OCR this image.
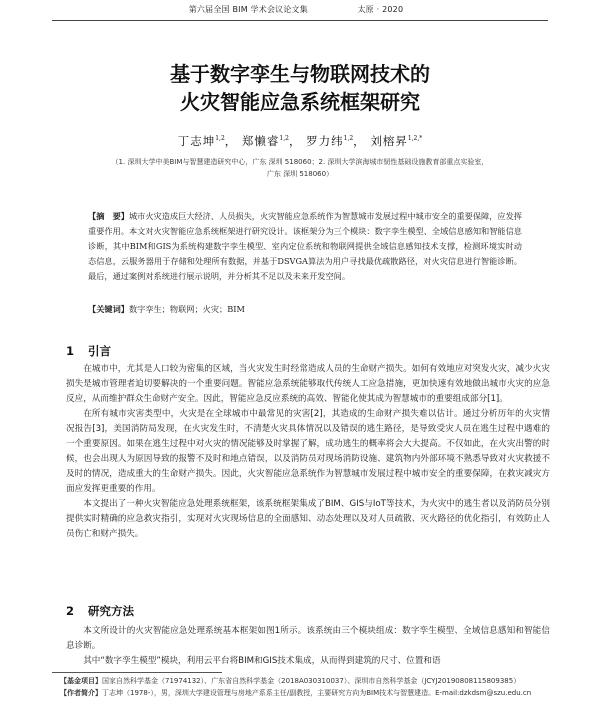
第六届全国 BIM 学术会议论文集	太原 · 2020
基于数字孪生与物联网技术的
火灾智能应急系统框架研究
丁志坤$^{1,2}$， 郑懒睿$^{1,2}$， 罗力纬$^{1,2}$， 刘榕昇$^{1,2,*}$
（1. 深圳大学中美BIM与智慧建造研究中心，广东 深圳 518060；2. 深圳大学滨海城市韧性基础设施教育部重点实验室，
广东 深圳 518060）
【摘　要】城市火灾造成巨大经济、人员损失，火灾智能应急系统作为智慧城市发展过程中城市安全的重要保障，应发挥重要作用。本文对火灾智能应急系统框架进行研究设计。该框架分为三个模块：数字孪生模型、全域信息感知和智能信息诊断，其中BIM和GIS为系统构建数字孪生模型、室内定位系统和物联网提供全域信息感知技术支撑，检测环境实时动态信息，云服务器用于存储和处理所有数据，并基于DSVGA算法为用户寻找最优疏散路径，对火灾信息进行智能诊断。最后，通过案例对系统进行展示说明，并分析其不足以及未来开发空间。
【关键词】数字孪生；物联网；火灾；BIM
1 引言

在城市中，尤其是人口较为密集的区域，当火灾发生时经常造成人员的生命财产损失。如何有效地应对突发火灾，减少火灾损失是城市管理者迫切要解决的一个重要问题。智能应急系统能够取代传统人工应急措施，更加快速有效地做出城市火灾的应急反应，从而维护群众生命财产安全。因此，智能应急反应系统的高效、智能化使其成为智慧城市的重要组成部分[1]。

在所有城市灾害类型中，火灾是在全球城市中最常见的灾害[2]，其造成的生命财产损失难以估计。通过分析历年的火灾情况报告[3]，美国消防局发现，在火灾发生时，不清楚火灾具体情况以及错误的逃生路径，是导致受灾人员在逃生过程中遇难的一个重要原因。如果在逃生过程中对火灾的情况能够及时掌握了解，成功逃生的概率将会大大提高。不仅如此，在火灾出警的时候，也会出现人为原因导致的报警不及时和地点错误，以及消防员对现场消防设施、建筑物内外部环境不熟悉导致对火灾救援不及时的情况，造成重大的生命财产损失。因此，火灾智能应急系统作为智慧城市发展过程中城市安全的重要保障，在救灾减灾方面应发挥更重要的作用。

本文提出了一种火灾智能应急处理系统框架，该系统框架集成了BIM、GIS与IoT等技术，为火灾中的逃生者以及消防员分别提供实时精确的应急救灾指引，实现对火灾现场信息的全面感知、动态处理以及对人员疏散、灭火路径的优化指引，有效防止人员伤亡和财产损失。

2 研究方法

本文所设计的火灾智能应急处理系统基本框架如图1所示。该系统由三个模块组成：数字孪生模型、全域信息感知和智能信息诊断。

其中“数字孪生模型”模块，利用云平台将BIM和GIS技术集成，从而得到建筑的尺寸、位置和语

【基金项目】国家自然科学基金（71974132）、广东省自然科学基金（2018A030310037）、深圳市自然科学基金（JCYJ20190808115809385）
【作者简介】丁志坤（1978-），男，深圳大学建设管理与房地产系系主任/副教授，主要研究方向为BIM技术与智慧建造。E-mail:dzkdsm@szu.edu.cn
